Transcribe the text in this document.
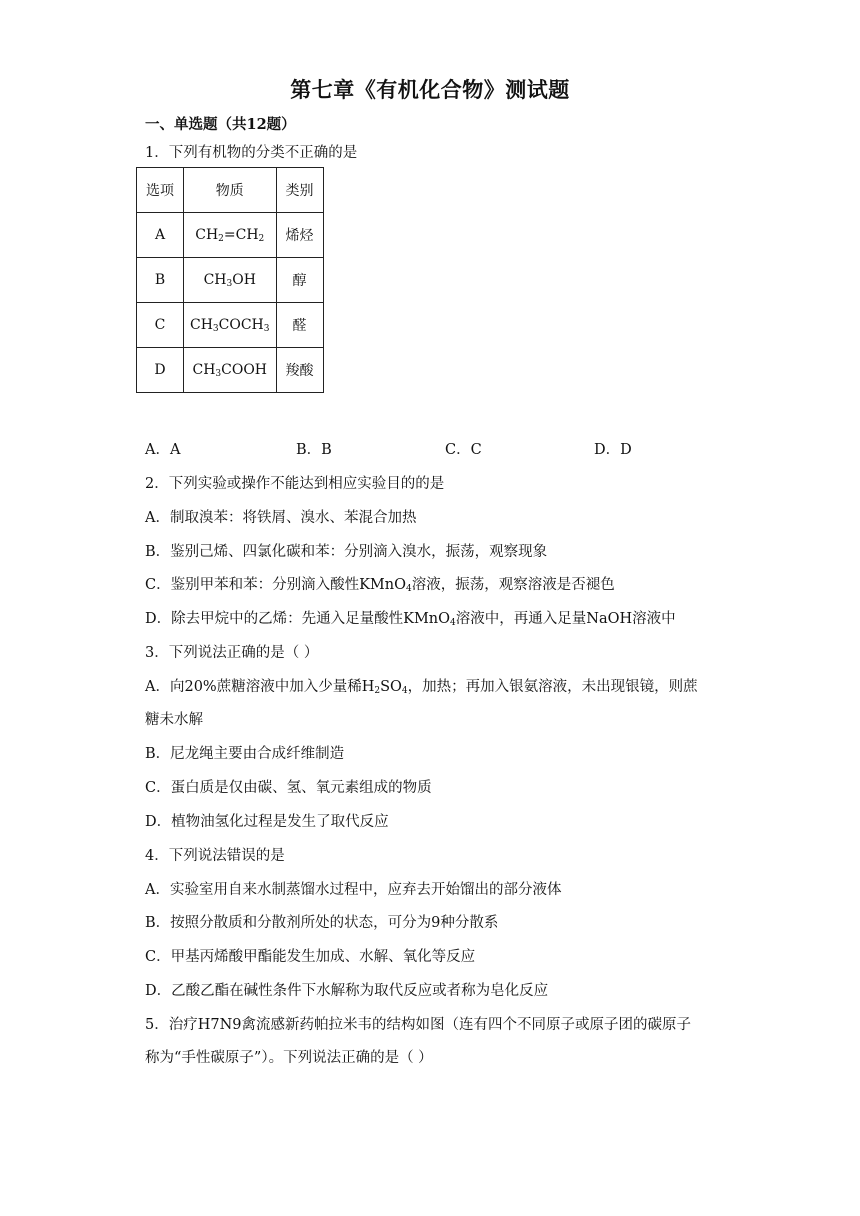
第七章《有机化合物》测试题
一、单选题（共12题）
1．下列有机物的分类不正确的是
选项	物质	类别
A	$CH_2=CH_2$	烯烃
B	$CH_3OH$	醇
C	$CH_3COCH_3$	醛
D	$CH_3COOH$	羧酸
A．A	B．B	C．C	D．D
2．下列实验或操作不能达到相应实验目的的是
A．制取溴苯：将铁屑、溴水、苯混合加热
B．鉴别己烯、四氯化碳和苯：分别滴入溴水，振荡，观察现象
C．鉴别甲苯和苯：分别滴入酸性KMnO$_4$溶液，振荡，观察溶液是否褪色
D．除去甲烷中的乙烯：先通入足量酸性KMnO$_4$溶液中，再通入足量NaOH溶液中
3．下列说法正确的是（ ）
A．向20%蔗糖溶液中加入少量稀$H_2SO_4$，加热；再加入银氨溶液，未出现银镜，则蔗
糖未水解
B．尼龙绳主要由合成纤维制造
C．蛋白质是仅由碳、氢、氧元素组成的物质
D．植物油氢化过程是发生了取代反应
4．下列说法错误的是
A．实验室用自来水制蒸馏水过程中，应弃去开始馏出的部分液体
B．按照分散质和分散剂所处的状态，可分为9种分散系
C．甲基丙烯酸甲酯能发生加成、水解、氧化等反应
D．乙酸乙酯在碱性条件下水解称为取代反应或者称为皂化反应
5．治疗H7N9禽流感新药帕拉米韦的结构如图（连有四个不同原子或原子团的碳原子
称为“手性碳原子”）。下列说法正确的是（ ）
